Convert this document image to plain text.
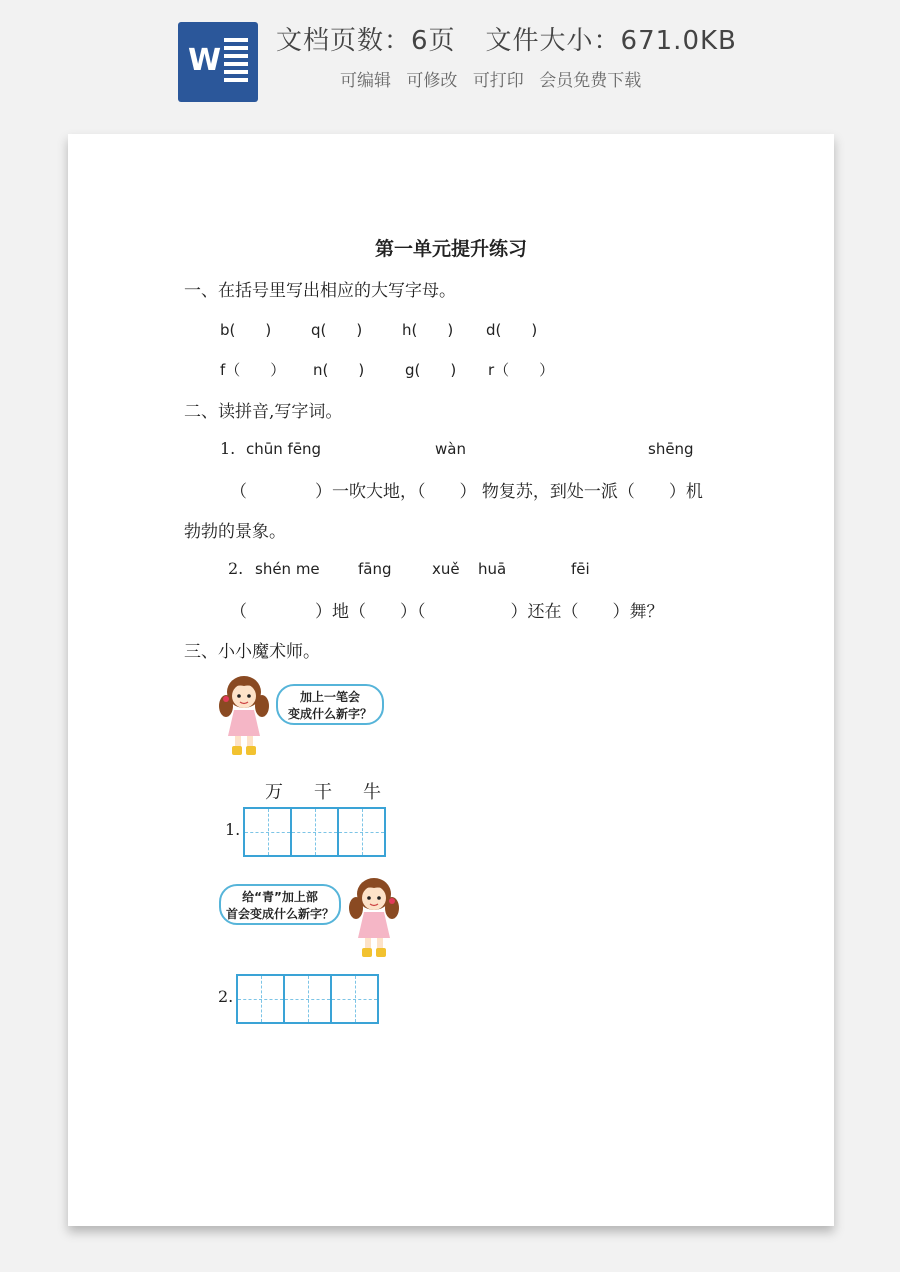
W
文档页数：6页 文件大小：671.0KB
可编辑 可修改 可打印 会员免费下载
第一单元提升练习
一、在括号里写出相应的大写字母。
b(　　)	q(　　)	h(　　) d(　　)
f（　　） n(　　)	g(　　) r（　　）
二、读拼音,写字词。
1. chūn fēng	wàn	shēng
（　　　　）一吹大地，（　　） 物复苏，到处一派（　　）机
勃勃的景象。
2. shén me	fāng	xuě huā	fēi
（　　　　）地（　　）（　　　　　）还在（　　）舞？
三、小小魔术师。
加上一笔会
变成什么新字？
万 干 牛
1.
给“青”加上部
首会变成什么新字？
2.
